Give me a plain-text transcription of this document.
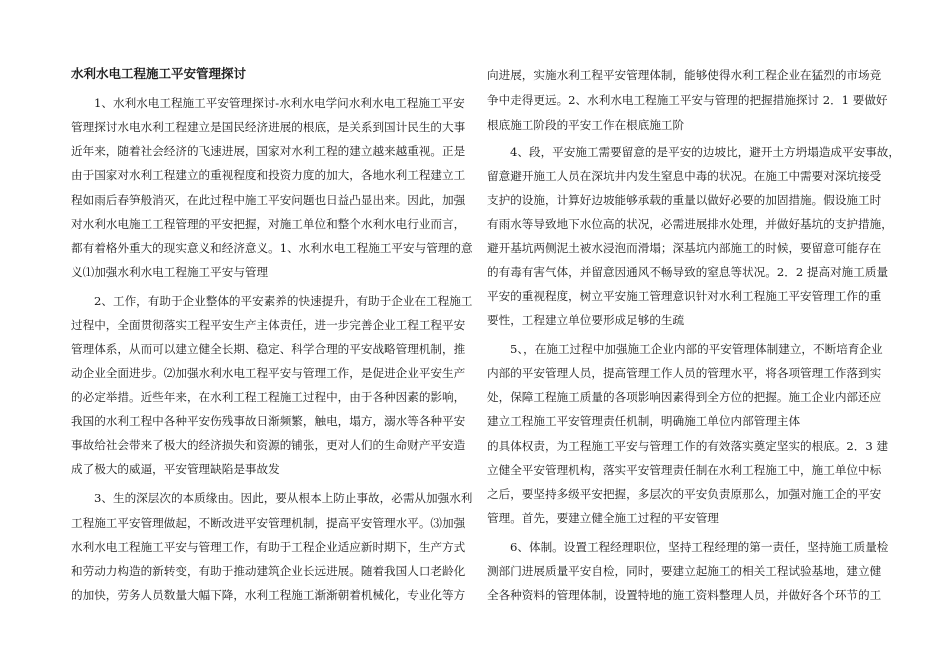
水利水电工程施工平安管理探讨
1、水利水电工程施工平安管理探讨-水利水电学问水利水电工程施工平安
管理探讨水电水利工程建立是国民经济进展的根底，是关系到国计民生的大事
近年来，随着社会经济的飞速进展，国家对水利工程的建立越来越重视。正是
由于国家对水利工程建立的重视程度和投资力度的加大，各地水利工程建立工
程如雨后春笋般消灭，在此过程中施工平安问题也日益凸显出来。因此，加强
对水利水电施工工程管理的平安把握，对施工单位和整个水利水电行业而言，
都有着格外重大的现实意义和经济意义。1、水利水电工程施工平安与管理的意
义⑴加强水利水电工程施工平安与管理
2、工作，有助于企业整体的平安素养的快速提升，有助于企业在工程施工
过程中，全面贯彻落实工程平安生产主体责任，进一步完善企业工程工程平安
管理体系，从而可以建立健全长期、稳定、科学合理的平安战略管理机制，推
动企业全面进步。⑵加强水利水电工程平安与管理工作，是促进企业平安生产
的必定举措。近些年来，在水利工程工程施工过程中，由于各种因素的影响，
我国的水利工程中各种平安伤残事故日渐频繁，触电，塌方，溺水等各种平安
事故给社会带来了极大的经济损失和资源的铺张，更对人们的生命财产平安造
成了极大的威逼，平安管理缺陷是事故发
3、生的深层次的本质缘由。因此，要从根本上防止事故，必需从加强水利
工程施工平安管理做起，不断改进平安管理机制，提高平安管理水平。⑶加强
水利水电工程施工平安与管理工作，有助于工程企业适应新时期下，生产方式
和劳动力构造的新转变，有助于推动建筑企业长远进展。随着我国人口老龄化
的加快，劳务人员数量大幅下降，水利工程施工渐渐朝着机械化，专业化等方
向进展，实施水利工程平安管理体制，能够使得水利工程企业在猛烈的市场竞
争中走得更远。2、水利水电工程施工平安与管理的把握措施探讨 2．1 要做好
根底施工阶段的平安工作在根底施工阶
4、段，平安施工需要留意的是平安的边坡比，避开土方坍塌造成平安事故，
留意避开施工人员在深坑井内发生窒息中毒的状况。在施工中需要对深坑接受
支护的设施，计算好边坡能够承载的重量以做好必要的加固措施。假设施工时
有雨水等导致地下水位高的状况，必需进展排水处理，并做好基坑的支护措施，
避开基坑两侧泥土被水浸泡而滑塌；深基坑内部施工的时候，要留意可能存在
的有毒有害气体，并留意因通风不畅导致的窒息等状况。2．2 提高对施工质量
平安的重视程度，树立平安施工管理意识针对水利工程施工平安管理工作的重
要性，工程建立单位要形成足够的生疏
5、，在施工过程中加强施工企业内部的平安管理体制建立，不断培育企业
内部的平安管理人员，提高管理工作人员的管理水平，将各项管理工作落到实
处，保障工程施工质量的各项影响因素得到全方位的把握。施工企业内部还应
建立工程施工平安管理责任机制，明确施工单位内部管理主体
的具体权责，为工程施工平安与管理工作的有效落实奠定坚实的根底。2．3 建
立健全平安管理机构，落实平安管理责任制在水利工程施工中，施工单位中标
之后，要坚持多级平安把握，多层次的平安负责原那么，加强对施工企的平安
管理。首先，要建立健全施工过程的平安管理
6、体制。设置工程经理职位，坚持工程经理的第一责任，坚持施工质量检
测部门进展质量平安自检，同时，要建立起施工的相关工程试验基地，建立健
全各种资料的管理体制，设置特地的施工资料整理人员，并做好各个环节的工
